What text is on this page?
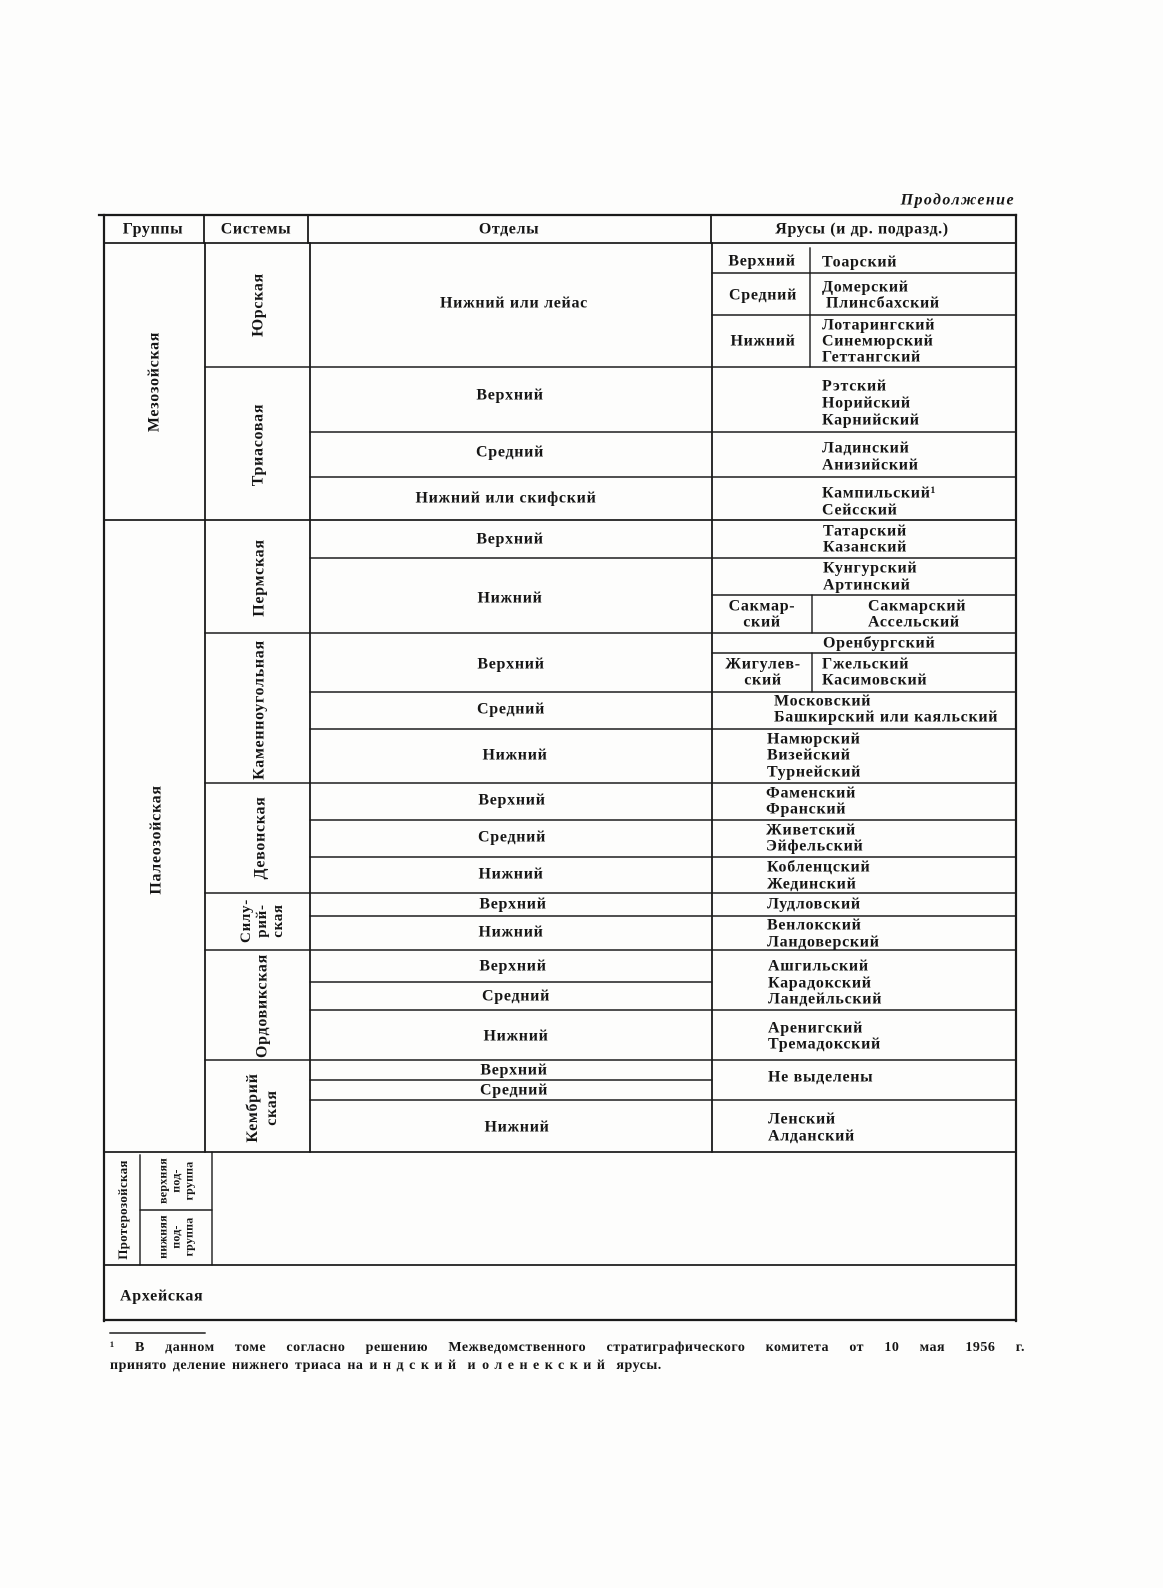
Продолжение
Группы Системы	Отделы	Ярусы (и др. подразд.)
Мезозойская
Палеозойская
Протерозойская верхняя под- группа
нижняя под- группа
Архейская
Юрская
Триасовая
Пермская
Каменноугольная
Девонская
Силу- рий- ская
Ордовикская
Кембрий ская
Нижний или лейас
Верхний
Средний
Нижний или скифский
Верхний
Нижний
Верхний
Средний
Нижний
Верхний
Средний
Нижний
Верхний
Нижний
Верхний
Средний
Нижний
Верхний
Средний
Нижний
Верхний
Средний
Нижний
Тоарский
Домерский
Плинсбахский
Лотарингский
Синемюрский
Геттангский
Рэтский
Норийский
Карнийский
Ладинский
Анизийский
Кампильский¹
Сейсский
Татарский
Казанский
Кунгурский
Артинский
Сакмар-
ский
Сакмарский
Ассельский
Оренбургский
Жигулев-
ский
Гжельский
Касимовский
Московский
Башкирский или каяльский
Намюрский
Визейский
Турнейский
Фаменский
Франский
Живетский
Эйфельский
Кобленцский
Жединский
Лудловский
Венлокский
Ландоверский
Ашгильский
Карадокский
Ландейльский
Аренигский
Тремадокский
Не выделены
Ленский
Алданский
¹ В данном томе согласно решению Межведомственного стратиграфического комитета от 10 мая 1956 г.
принято деление нижнего триаса на индский и оленекский ярусы.
